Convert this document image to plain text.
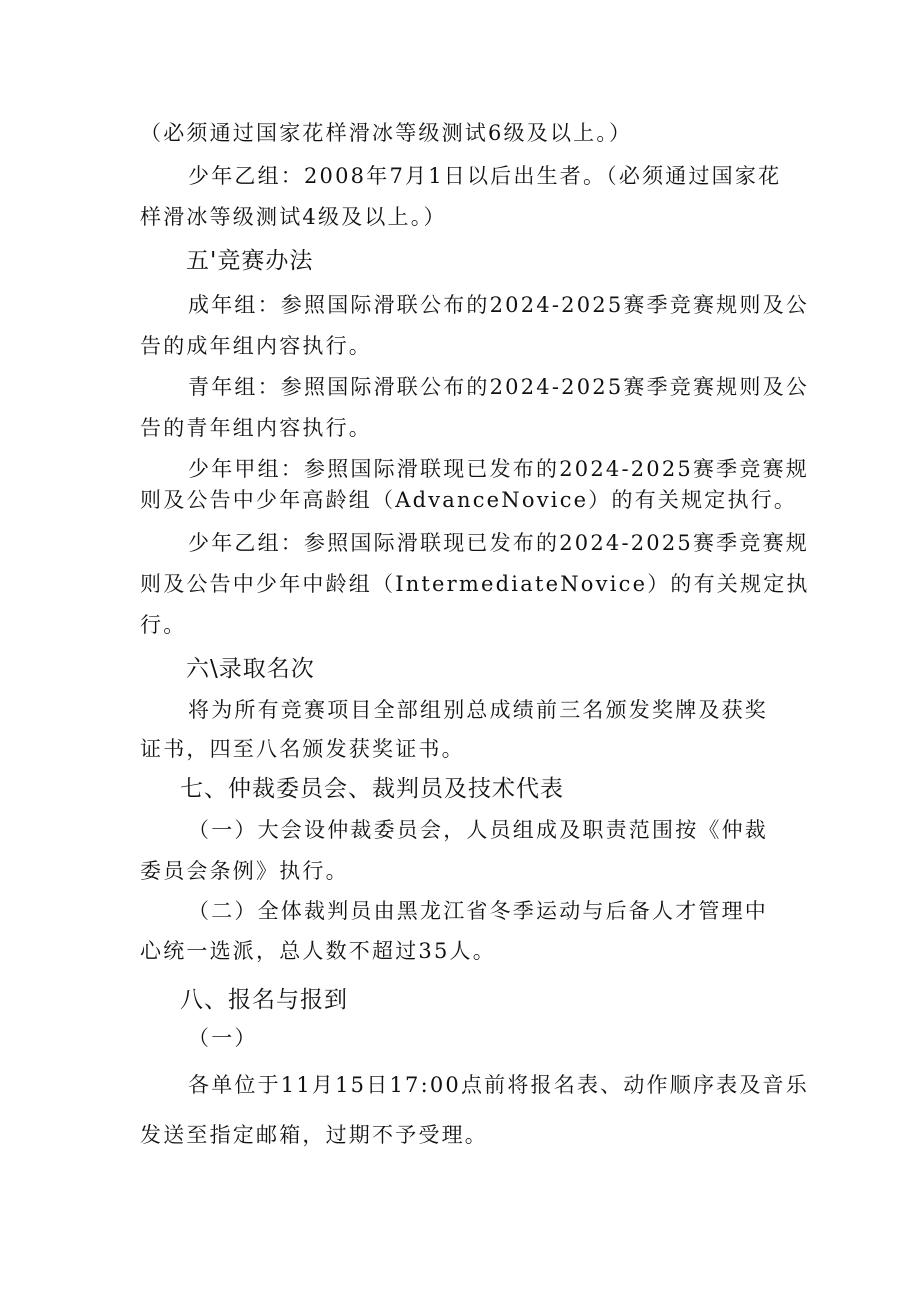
（必须通过国家花样滑冰等级测试6级及以上。）

少年乙组：2008年7月1日以后出生者。（必须通过国家花

样滑冰等级测试4级及以上。）

五'竞赛办法

成年组：参照国际滑联公布的2024-2025赛季竞赛规则及公

告的成年组内容执行。

青年组：参照国际滑联公布的2024-2025赛季竞赛规则及公

告的青年组内容执行。

少年甲组：参照国际滑联现已发布的2024-2025赛季竞赛规

则及公告中少年高龄组（AdvanceNovice）的有关规定执行。

少年乙组：参照国际滑联现已发布的2024-2025赛季竞赛规

则及公告中少年中龄组（IntermediateNovice）的有关规定执

行。

六\录取名次

将为所有竞赛项目全部组别总成绩前三名颁发奖牌及获奖

证书，四至八名颁发获奖证书。

七、仲裁委员会、裁判员及技术代表

（一）大会设仲裁委员会，人员组成及职责范围按《仲裁

委员会条例》执行。

（二）全体裁判员由黑龙江省冬季运动与后备人才管理中

心统一选派，总人数不超过35人。

八、报名与报到

（一）

各单位于11月15日17:00点前将报名表、动作顺序表及音乐

发送至指定邮箱，过期不予受理。
